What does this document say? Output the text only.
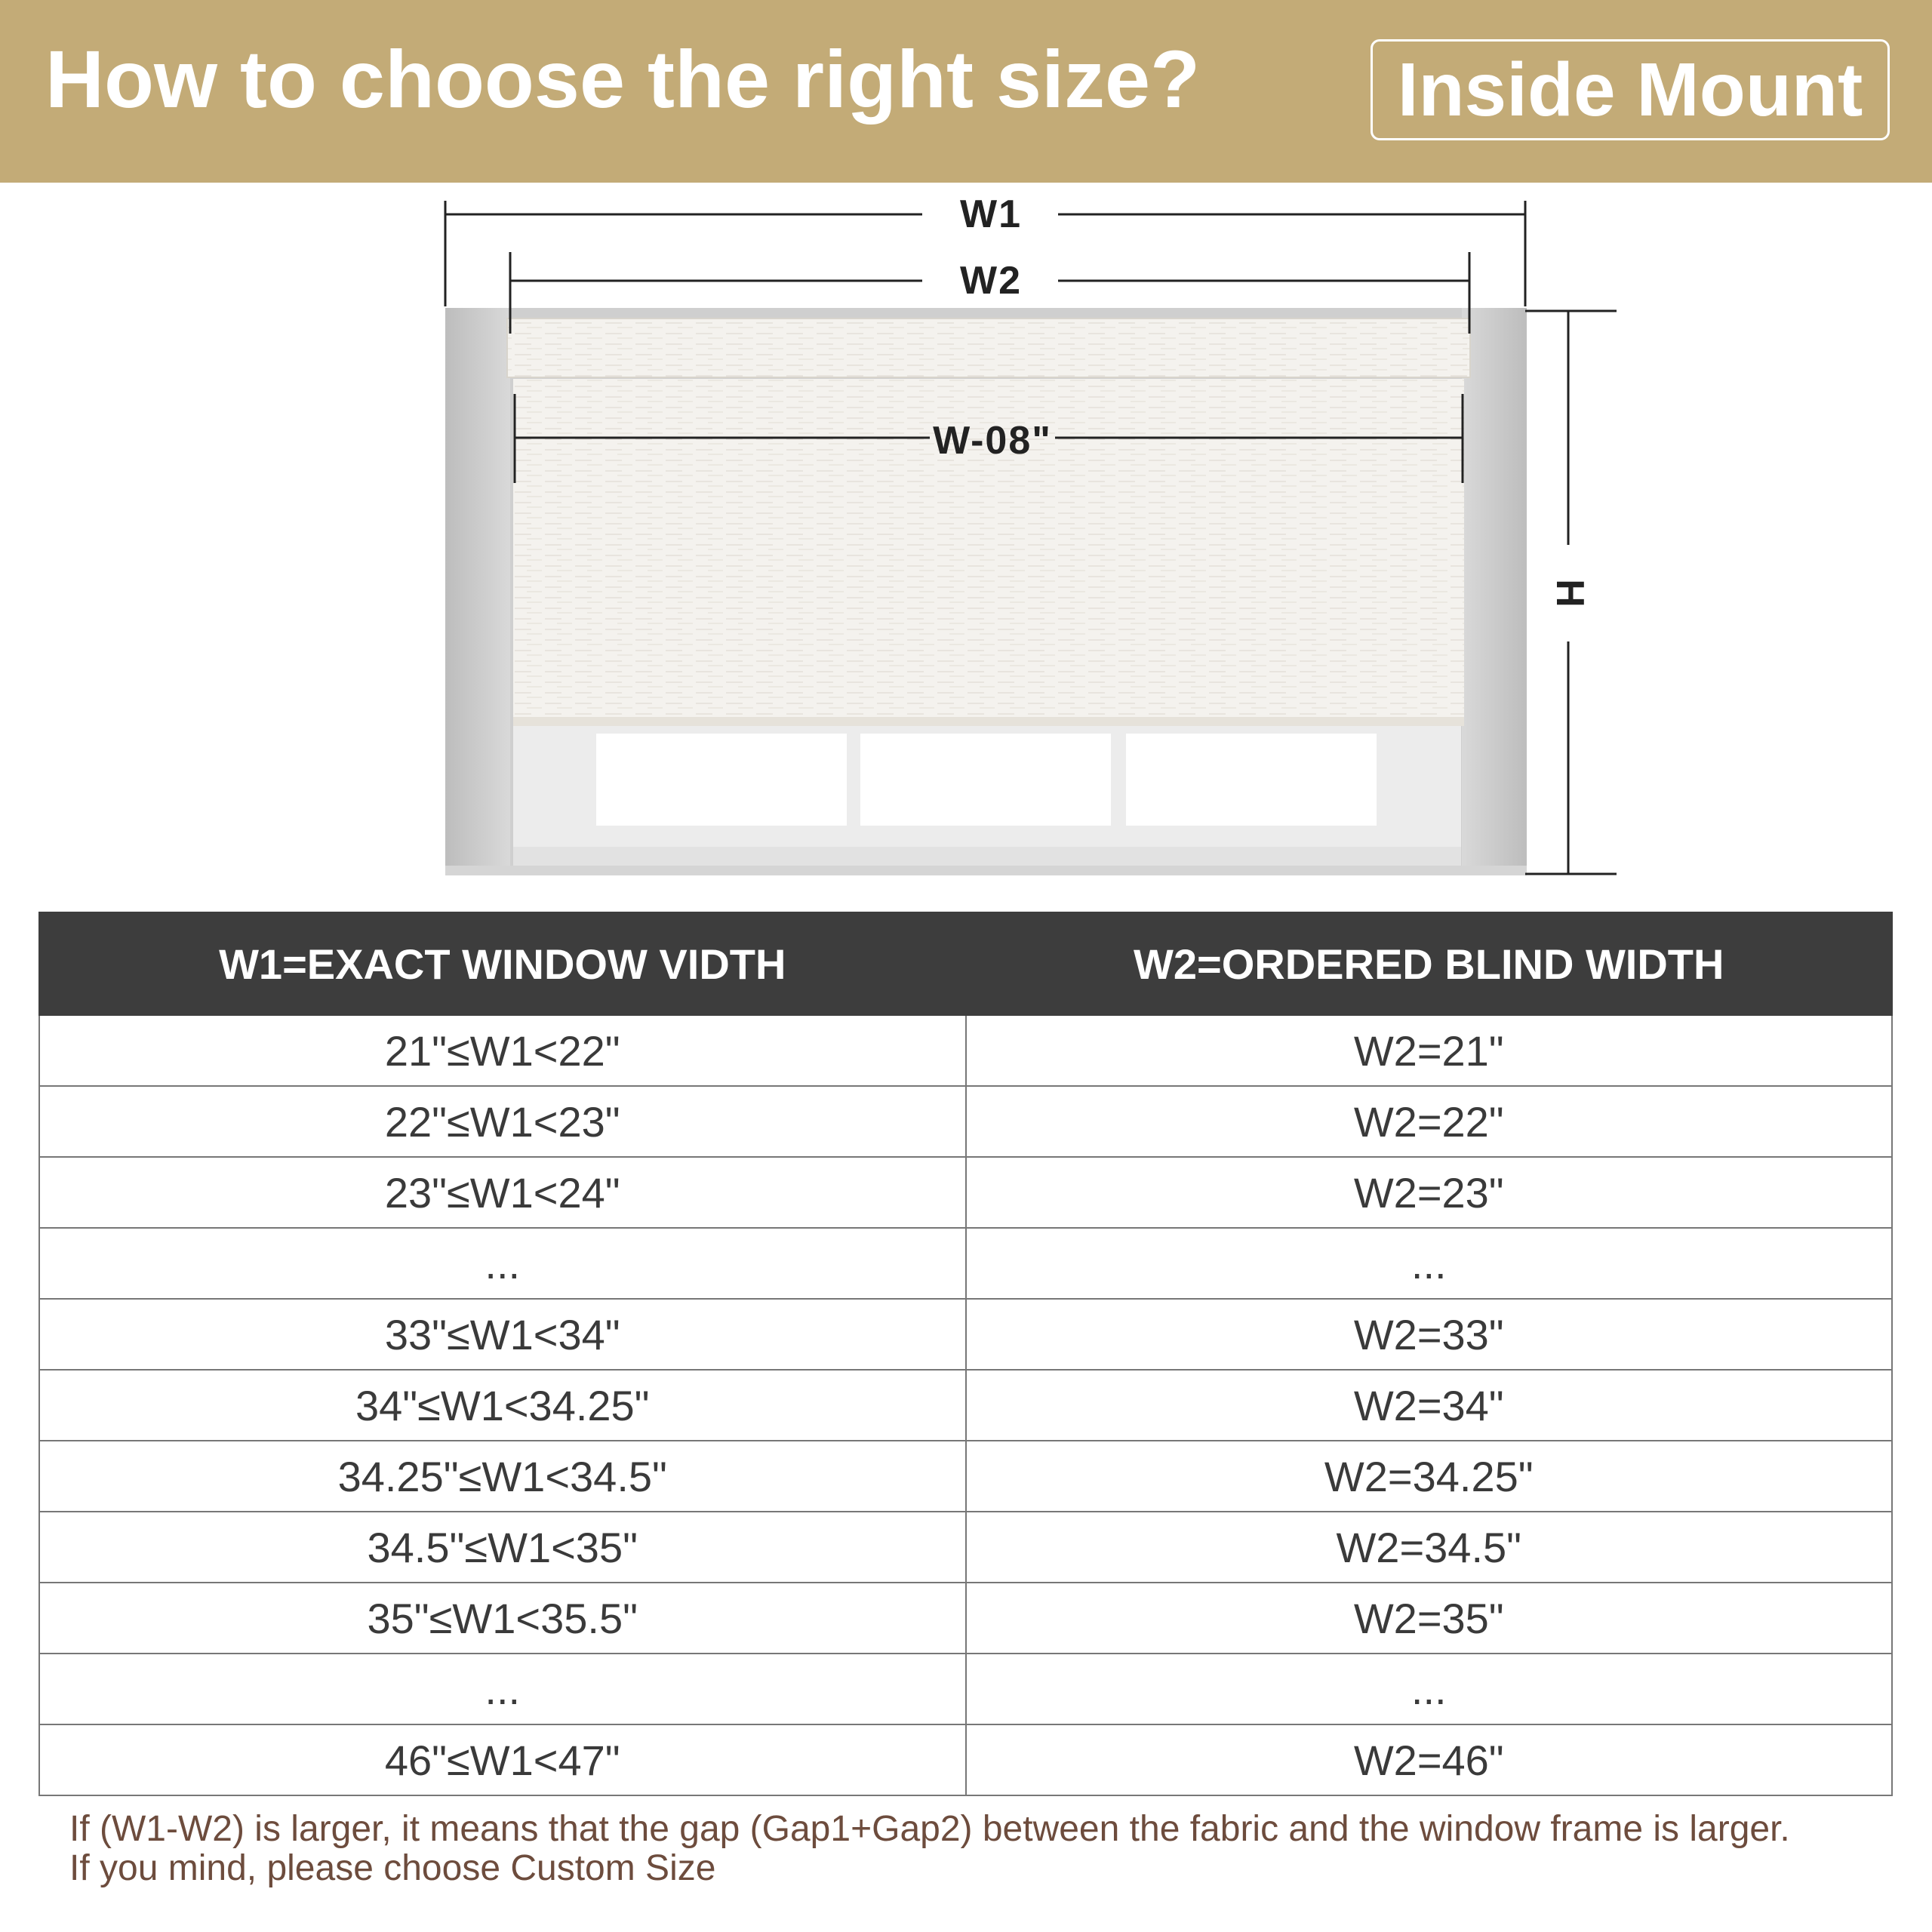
How to choose the right size?	Inside Mount
W1
W2
W-08"
H
W1=EXACT WINDOW VIDTH	W2=ORDERED BLIND WIDTH
21"≤W1<22"	W2=21"
22"≤W1<23"	W2=22"
23"≤W1<24"	W2=23"
...	...
33"≤W1<34"	W2=33"
34"≤W1<34.25"	W2=34"
34.25"≤W1<34.5"	W2=34.25"
34.5"≤W1<35"	W2=34.5"
35"≤W1<35.5"	W2=35"
...	...
46"≤W1<47"	W2=46"
If (W1-W2) is larger, it means that the gap (Gap1+Gap2) between the fabric and the window frame is larger.
If you mind, please choose Custom Size
